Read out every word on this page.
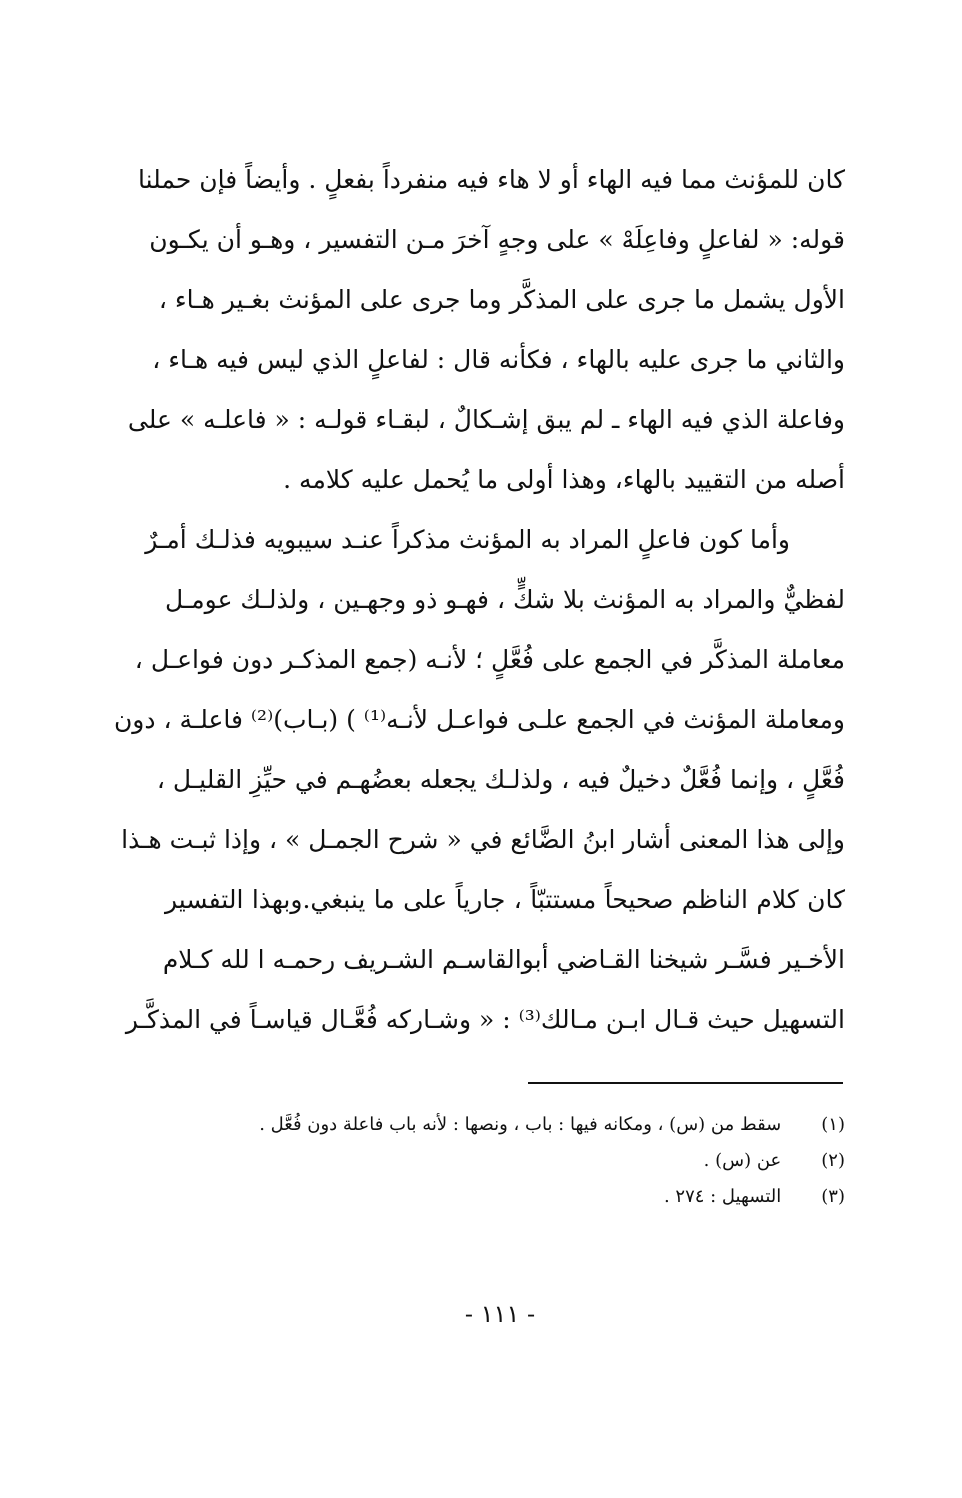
كان للمؤنث مما فيه الهاء أو لا هاء فيه منفرداً بفعلٍ . وأيضاً فإن حملنا
قوله: « لفاعلٍ وفاعِلَهْ » على وجهٍ آخرَ مـن التفسير ، وهـو أن يكـون
الأول يشمل ما جرى على المذكَّر وما جرى على المؤنث بغـير هـاء ،
والثاني ما جرى عليه بالهاء ، فكأنه قال : لفاعلٍ الذي ليس فيه هـاء ،
وفاعلة الذي فيه الهاء ـ لم يبق إشـكالٌ ، لبقـاء قولـه : « فاعلـه » على
أصله من التقييد بالهاء، وهذا أولى ما يُحمل عليه كلامه .
وأما كون فاعلٍ المراد به المؤنث مذكراً عنـد سيبويه فذلـك أمـرٌ
لفظيٌّ والمراد به المؤنث بلا شكٍّ ، فهـو ذو وجهـين ، ولذلـك عومـل
معاملة المذكَّر في الجمع على فُعَّلٍ ؛ لأنـه (جمع المذكـر دون فواعـل ،
ومعاملة المؤنث في الجمع علـى فواعـل لأنـه⁽¹⁾ ) (بـاب)⁽²⁾ فاعلـة ، دون
فُعَّلٍ ، وإنما فُعَّلٌ دخيلٌ فيه ، ولذلـك يجعله بعضُهـم في حيِّزِ القليـل ،
وإلى هذا المعنى أشار ابنُ الضَّائع في « شرح الجمـل » ، وإذا ثبـت هـذا
كان كلام الناظم صحيحاً مستتبّاً ، جارياً على ما ينبغي.وبهذا التفسير
الأخـير فسَّـر شيخنا القـاضي أبوالقاسـم الشـريف رحمـه ا لله كـلام
التسهيل حيث قـال ابـن مـالك⁽³⁾ : « وشـاركه فُعَّـال قياسـاً في المذكَّـر
(١) سقط من (س) ، ومكانه فيها : باب ، ونصها : لأنه باب فاعلة دون فُعَّل .
(٢) عن (س) .
(٣) التسهيل : ٢٧٤ .
- ١١١ -
